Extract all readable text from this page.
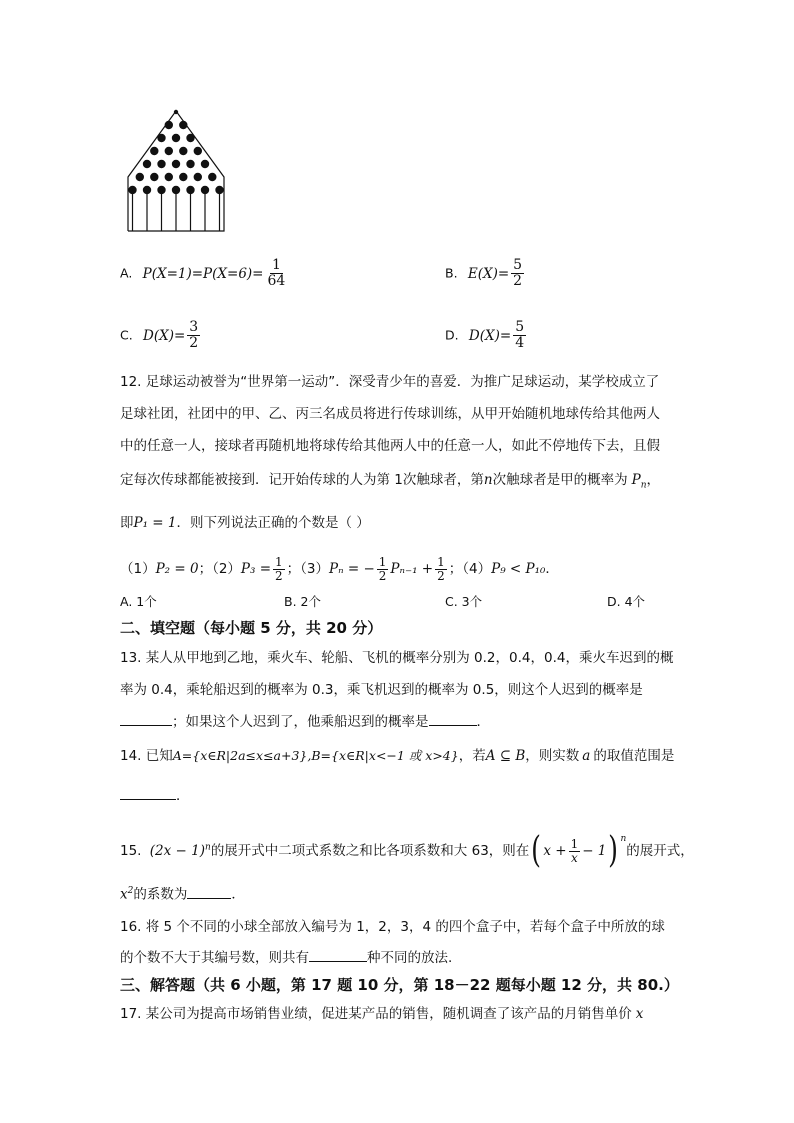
A. $P(X=1)=P(X=6)= \frac{1}{64}$	B. $E(X)= \frac{5}{2}$
C. $D(X)= \frac{3}{2}$	D. $D(X)= \frac{5}{4}$
12. 足球运动被誉为“世界第一运动”．深受青少年的喜爱．为推广足球运动，某学校成立了
足球社团，社团中的甲、乙、丙三名成员将进行传球训练，从甲开始随机地球传给其他两人
中的任意一人，接球者再随机地将球传给其他两人中的任意一人，如此不停地传下去，且假
定每次传球都能被接到．记开始传球的人为第 1次触球者，第n次触球者是甲的概率为 $P_n$，
即P₁ = 1．则下列说法正确的个数是（ ）
（1）P₂ = 0；$(2)P_3 = \frac{1}{2}$ ；（3）Pₙ = − $\frac{1}{2} P_{n-1} + \frac{1}{2}$ ；（4）P₉ < P₁₀．
A. 1个	B. 2个	C. 3个	D. 4个
二、填空题（每小题 5 分，共 20 分）
13. 某人从甲地到乙地，乘火车、轮船、飞机的概率分别为 0.2，0.4，0.4，乘火车迟到的概
率为 0.4，乘轮船迟到的概率为 0.3，乘飞机迟到的概率为 0.5，则这个人迟到的概率是
；如果这个人迟到了，他乘船迟到的概率是	．
14. 已知A={x∈R|2a≤x≤a+3},B={x∈R|x<−1 或 x>4}，若A ⊆ B，则实数 a 的取值范围是
．
15. $(2x - 1)^n$的展开式中二项式系数之和比各项系数和大 63，则在( $x + \frac{1}{x} - 1$) $^n$的展开式，
$x^2$的系数为	．
16. 将 5 个不同的小球全部放入编号为 1，2，3，4 的四个盒子中，若每个盒子中所放的球
的个数不大于其编号数，则共有	种不同的放法.
三、解答题（共 6 小题，第 17 题 10 分，第 18－22 题每小题 12 分，共 80.）
17. 某公司为提高市场销售业绩，促进某产品的销售，随机调查了该产品的月销售单价 x
